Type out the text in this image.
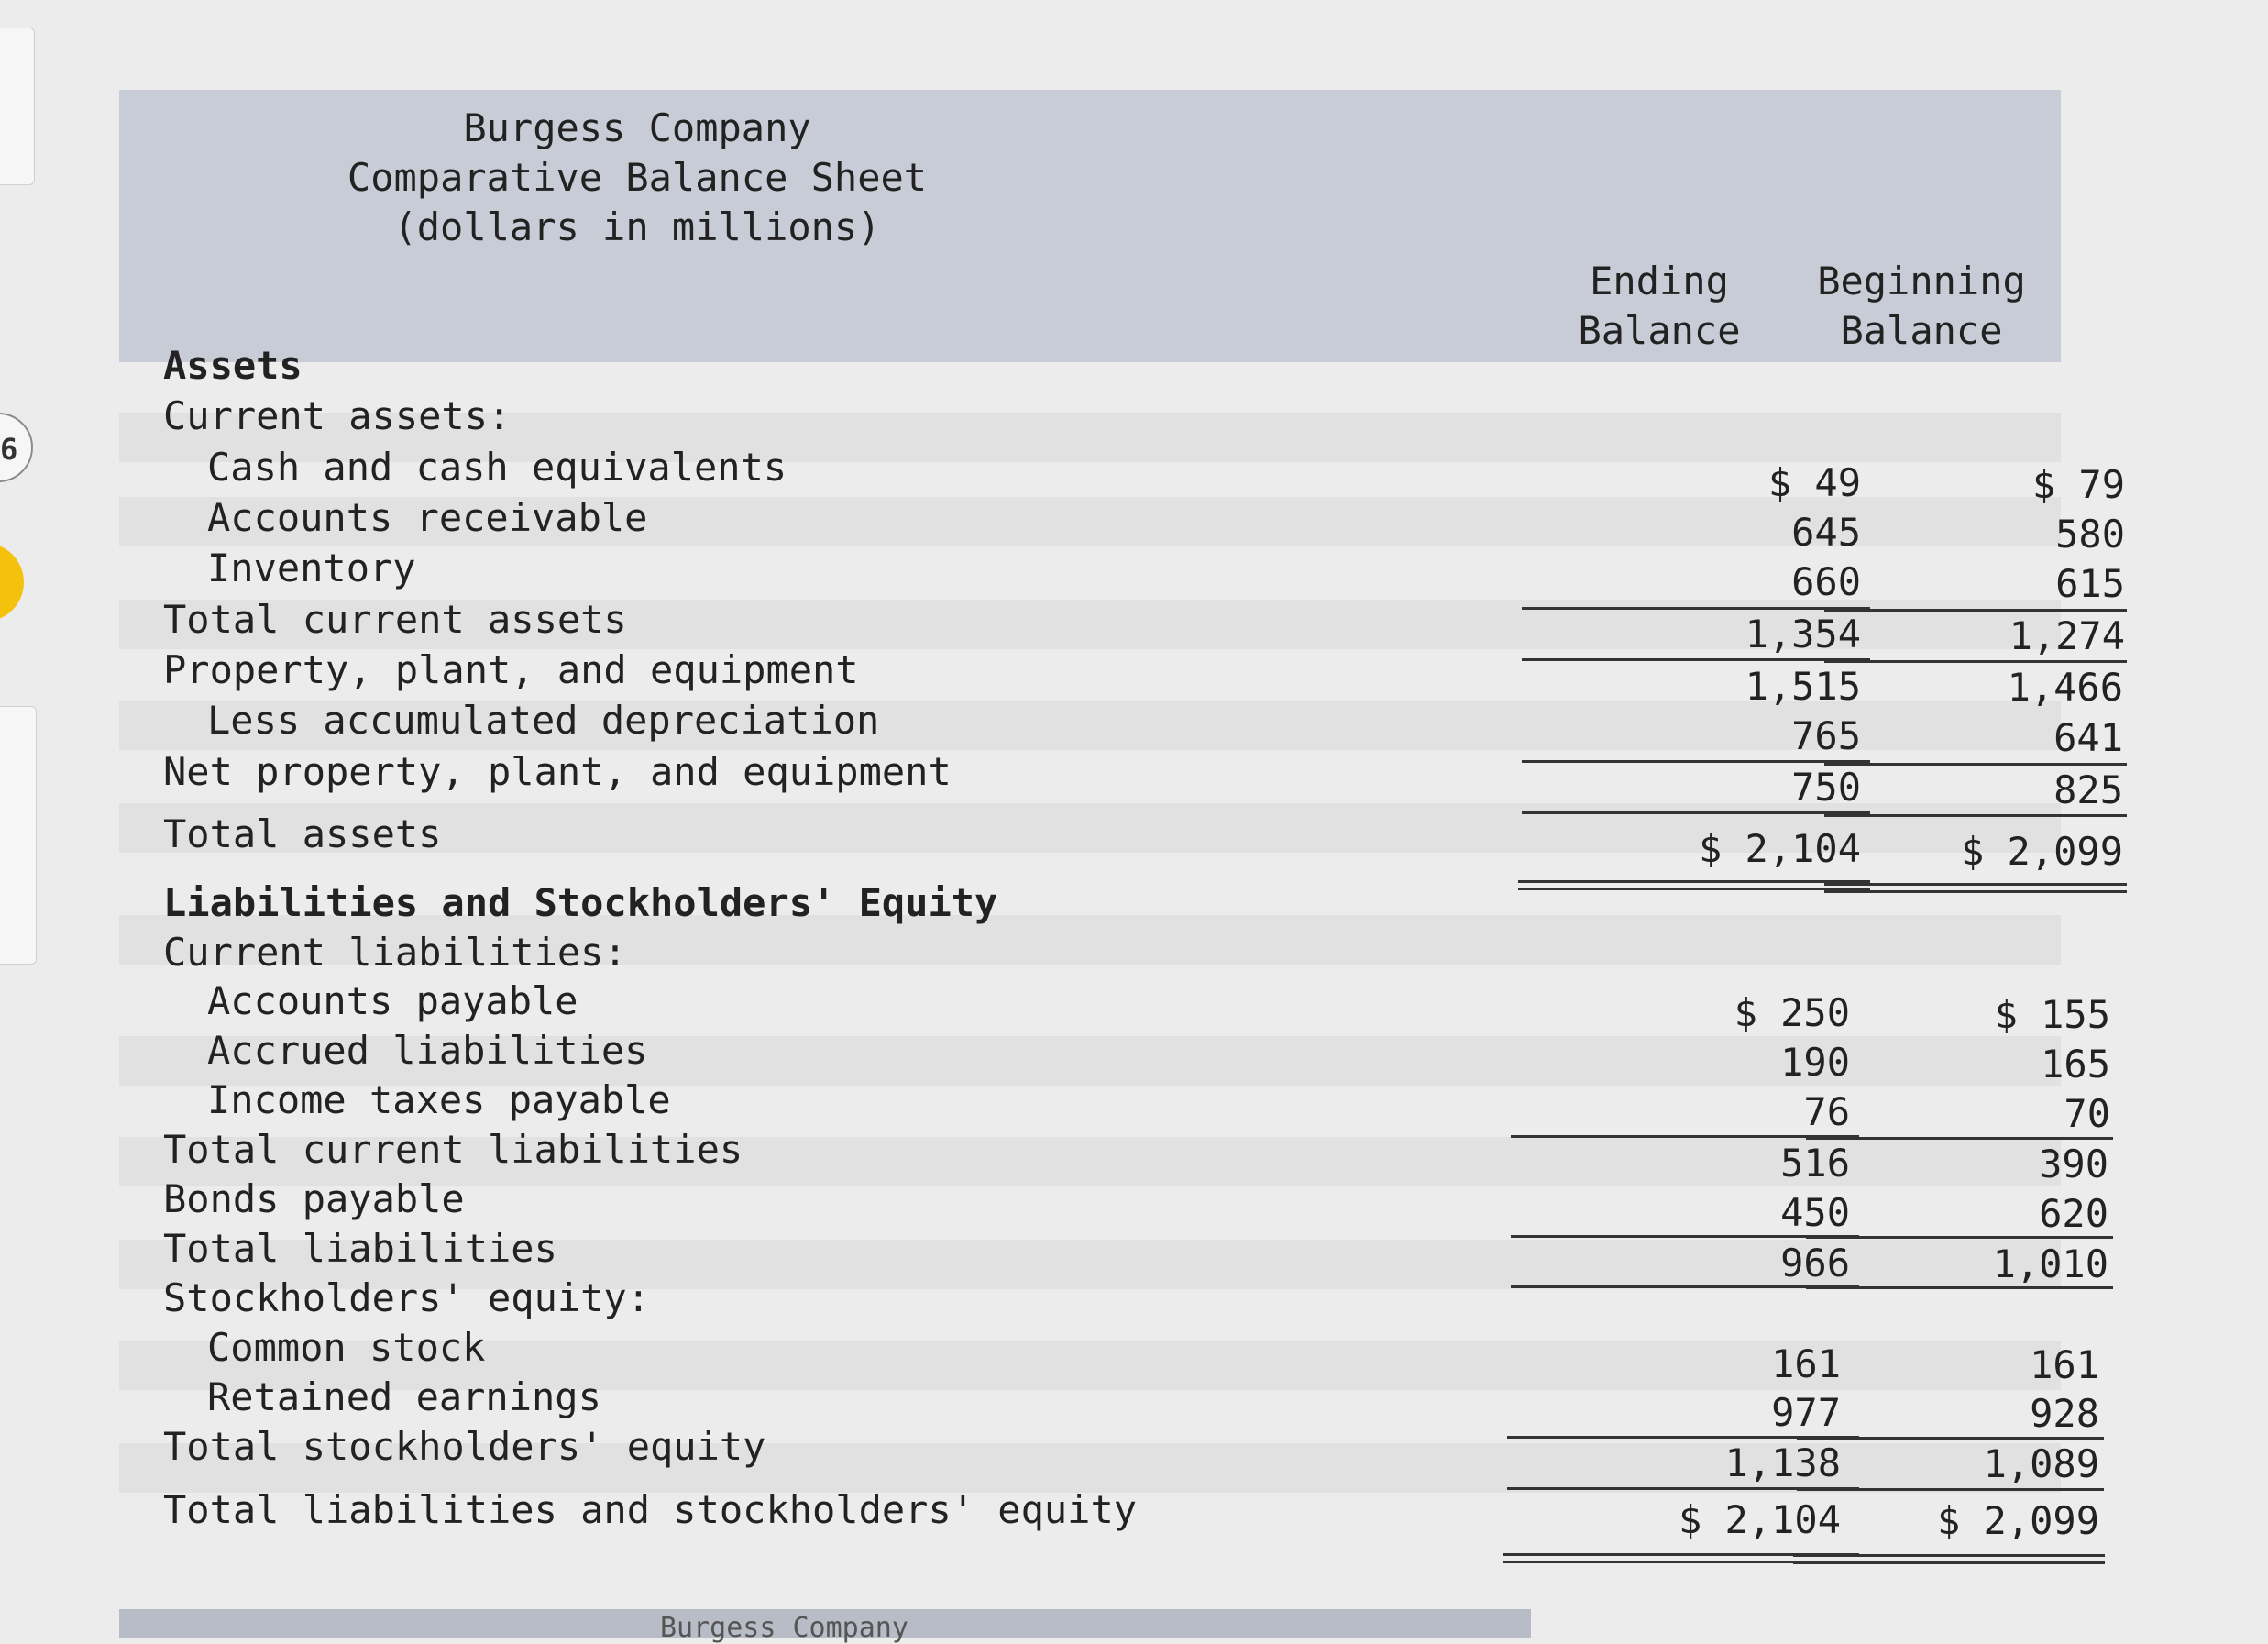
6
Burgess Company
Comparative Balance Sheet
(dollars in millions)
Ending
Balance
Beginning
Balance
Assets
Current assets:
Cash and cash equivalents
Accounts receivable
Inventory
Total current assets
Property, plant, and equipment
Less accumulated depreciation
Net property, plant, and equipment
Total assets
Liabilities and Stockholders' Equity
Current liabilities:
Accounts payable
Accrued liabilities
Income taxes payable
Total current liabilities
Bonds payable
Total liabilities
Stockholders' equity:
Common stock
Retained earnings
Total stockholders' equity
Total liabilities and stockholders' equity
$ 49
645
660
1,354
1,515
765
750
$ 2,104
$ 250
190
76
516
450
966
161
977
1,138
$ 2,104
$ 79
580
615
1,274
1,466
641
825
$ 2,099
$ 155
165
70
390
620
1,010
161
928
1,089
$ 2,099
Burgess Company
